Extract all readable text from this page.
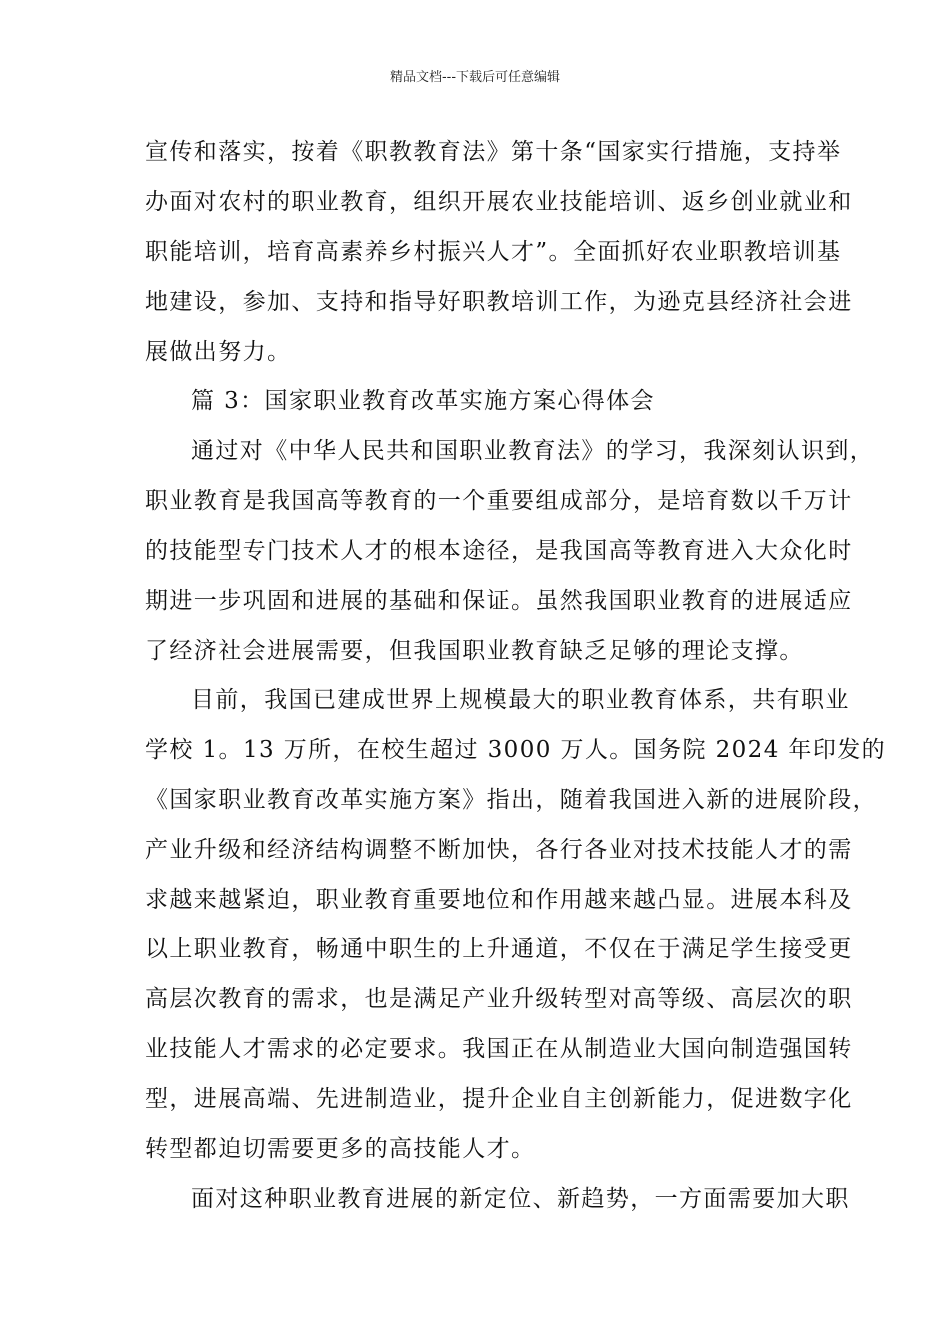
精品文档---下载后可任意编辑
宣传和落实，按着《职教教育法》第十条“国家实行措施，支持举
办面对农村的职业教育，组织开展农业技能培训、返乡创业就业和
职能培训，培育高素养乡村振兴人才”。全面抓好农业职教培训基
地建设，参加、支持和指导好职教培训工作，为逊克县经济社会进
展做出努力。
篇 3：国家职业教育改革实施方案心得体会
通过对《中华人民共和国职业教育法》的学习，我深刻认识到，
职业教育是我国高等教育的一个重要组成部分，是培育数以千万计
的技能型专门技术人才的根本途径，是我国高等教育进入大众化时
期进一步巩固和进展的基础和保证。虽然我国职业教育的进展适应
了经济社会进展需要，但我国职业教育缺乏足够的理论支撑。
目前，我国已建成世界上规模最大的职业教育体系，共有职业
学校 1。13 万所，在校生超过 3000 万人。国务院 2024 年印发的
《国家职业教育改革实施方案》指出，随着我国进入新的进展阶段，
产业升级和经济结构调整不断加快，各行各业对技术技能人才的需
求越来越紧迫，职业教育重要地位和作用越来越凸显。进展本科及
以上职业教育，畅通中职生的上升通道，不仅在于满足学生接受更
高层次教育的需求，也是满足产业升级转型对高等级、高层次的职
业技能人才需求的必定要求。我国正在从制造业大国向制造强国转
型，进展高端、先进制造业，提升企业自主创新能力，促进数字化
转型都迫切需要更多的高技能人才。
面对这种职业教育进展的新定位、新趋势，一方面需要加大职
